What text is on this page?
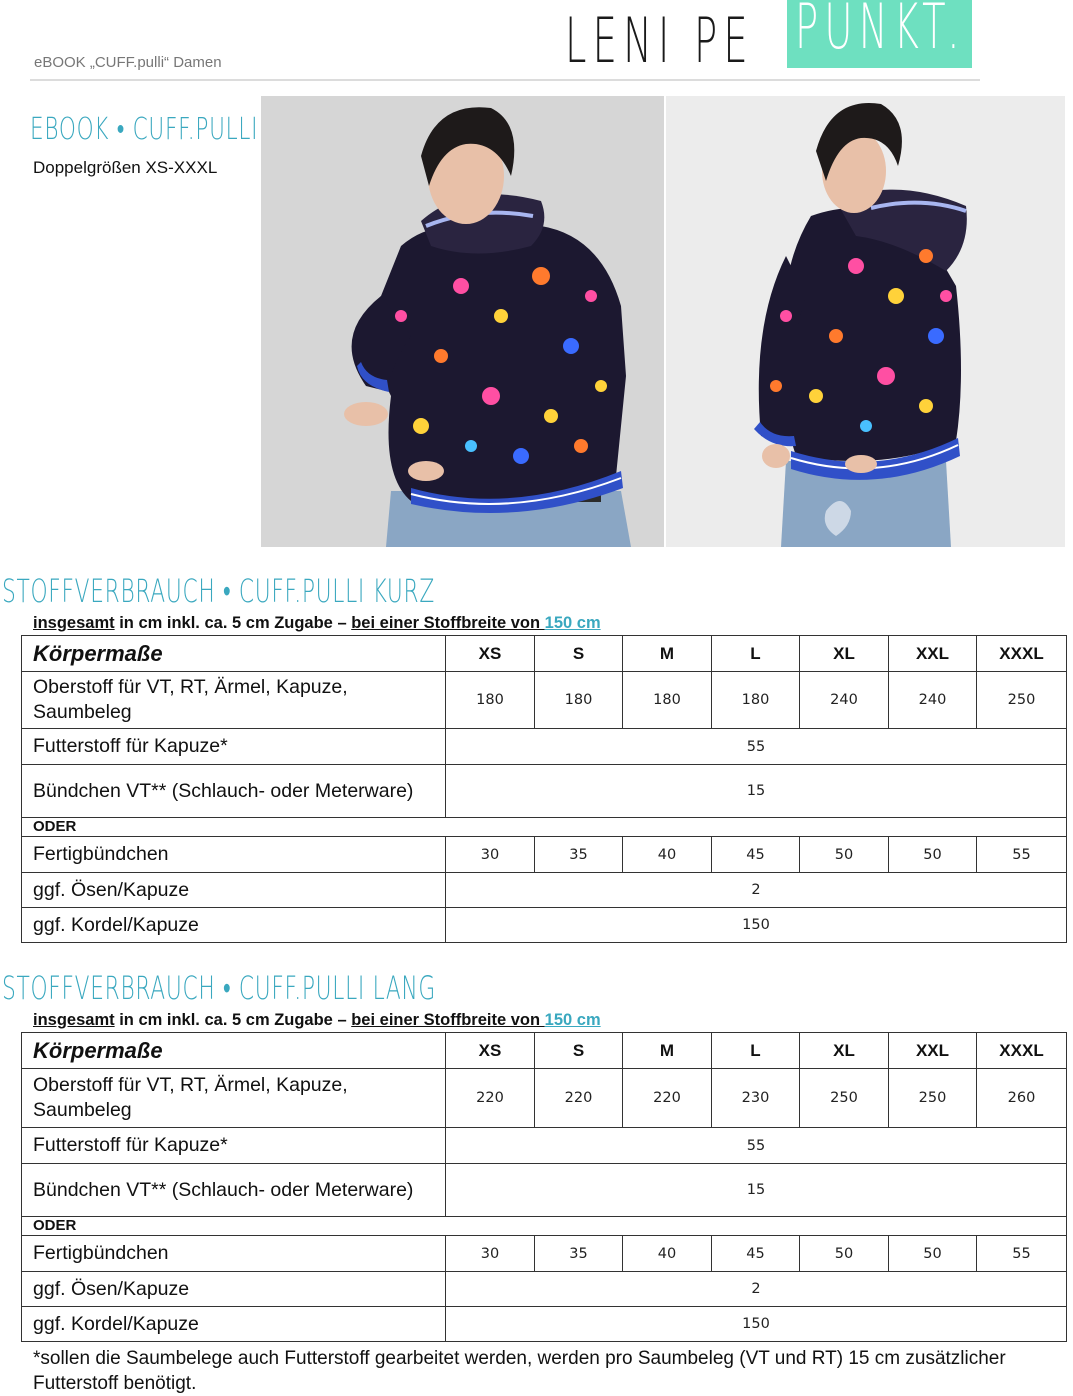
LENI PE PUNKT.
eBOOK „CUFF.pulli“ Damen
EBOOK • CUFF.PULLI
Doppelgrößen XS-XXXL
STOFFVERBRAUCH • CUFF.PULLI KURZ
insgesamt in cm inkl. ca. 5 cm Zugabe – bei einer Stoffbreite von 150 cm
Körpermaße	XS	S	M	L	XL	XXL	XXXL
Oberstoff für VT, RT, Ärmel, Kapuze, Saumbeleg	180	180	180	180	240	240	250
Futterstoff für Kapuze*	55						
Bündchen VT** (Schlauch- oder Meterware)	15						
ODER							
Fertigbündchen	30	35	40	45	50	50	55
ggf. Ösen/Kapuze	2						
ggf. Kordel/Kapuze	150						
STOFFVERBRAUCH • CUFF.PULLI LANG
insgesamt in cm inkl. ca. 5 cm Zugabe – bei einer Stoffbreite von 150 cm
Körpermaße	XS	S	M	L	XL	XXL	XXXL
Oberstoff für VT, RT, Ärmel, Kapuze, Saumbeleg	220	220	220	230	250	250	260
Futterstoff für Kapuze*	55						
Bündchen VT** (Schlauch- oder Meterware)	15						
ODER							
Fertigbündchen	30	35	40	45	50	50	55
ggf. Ösen/Kapuze	2						
ggf. Kordel/Kapuze	150						
*sollen die Saumbelege auch Futterstoff gearbeitet werden, werden pro Saumbeleg (VT und RT) 15 cm zusätzlicher Futterstoff benötigt.
